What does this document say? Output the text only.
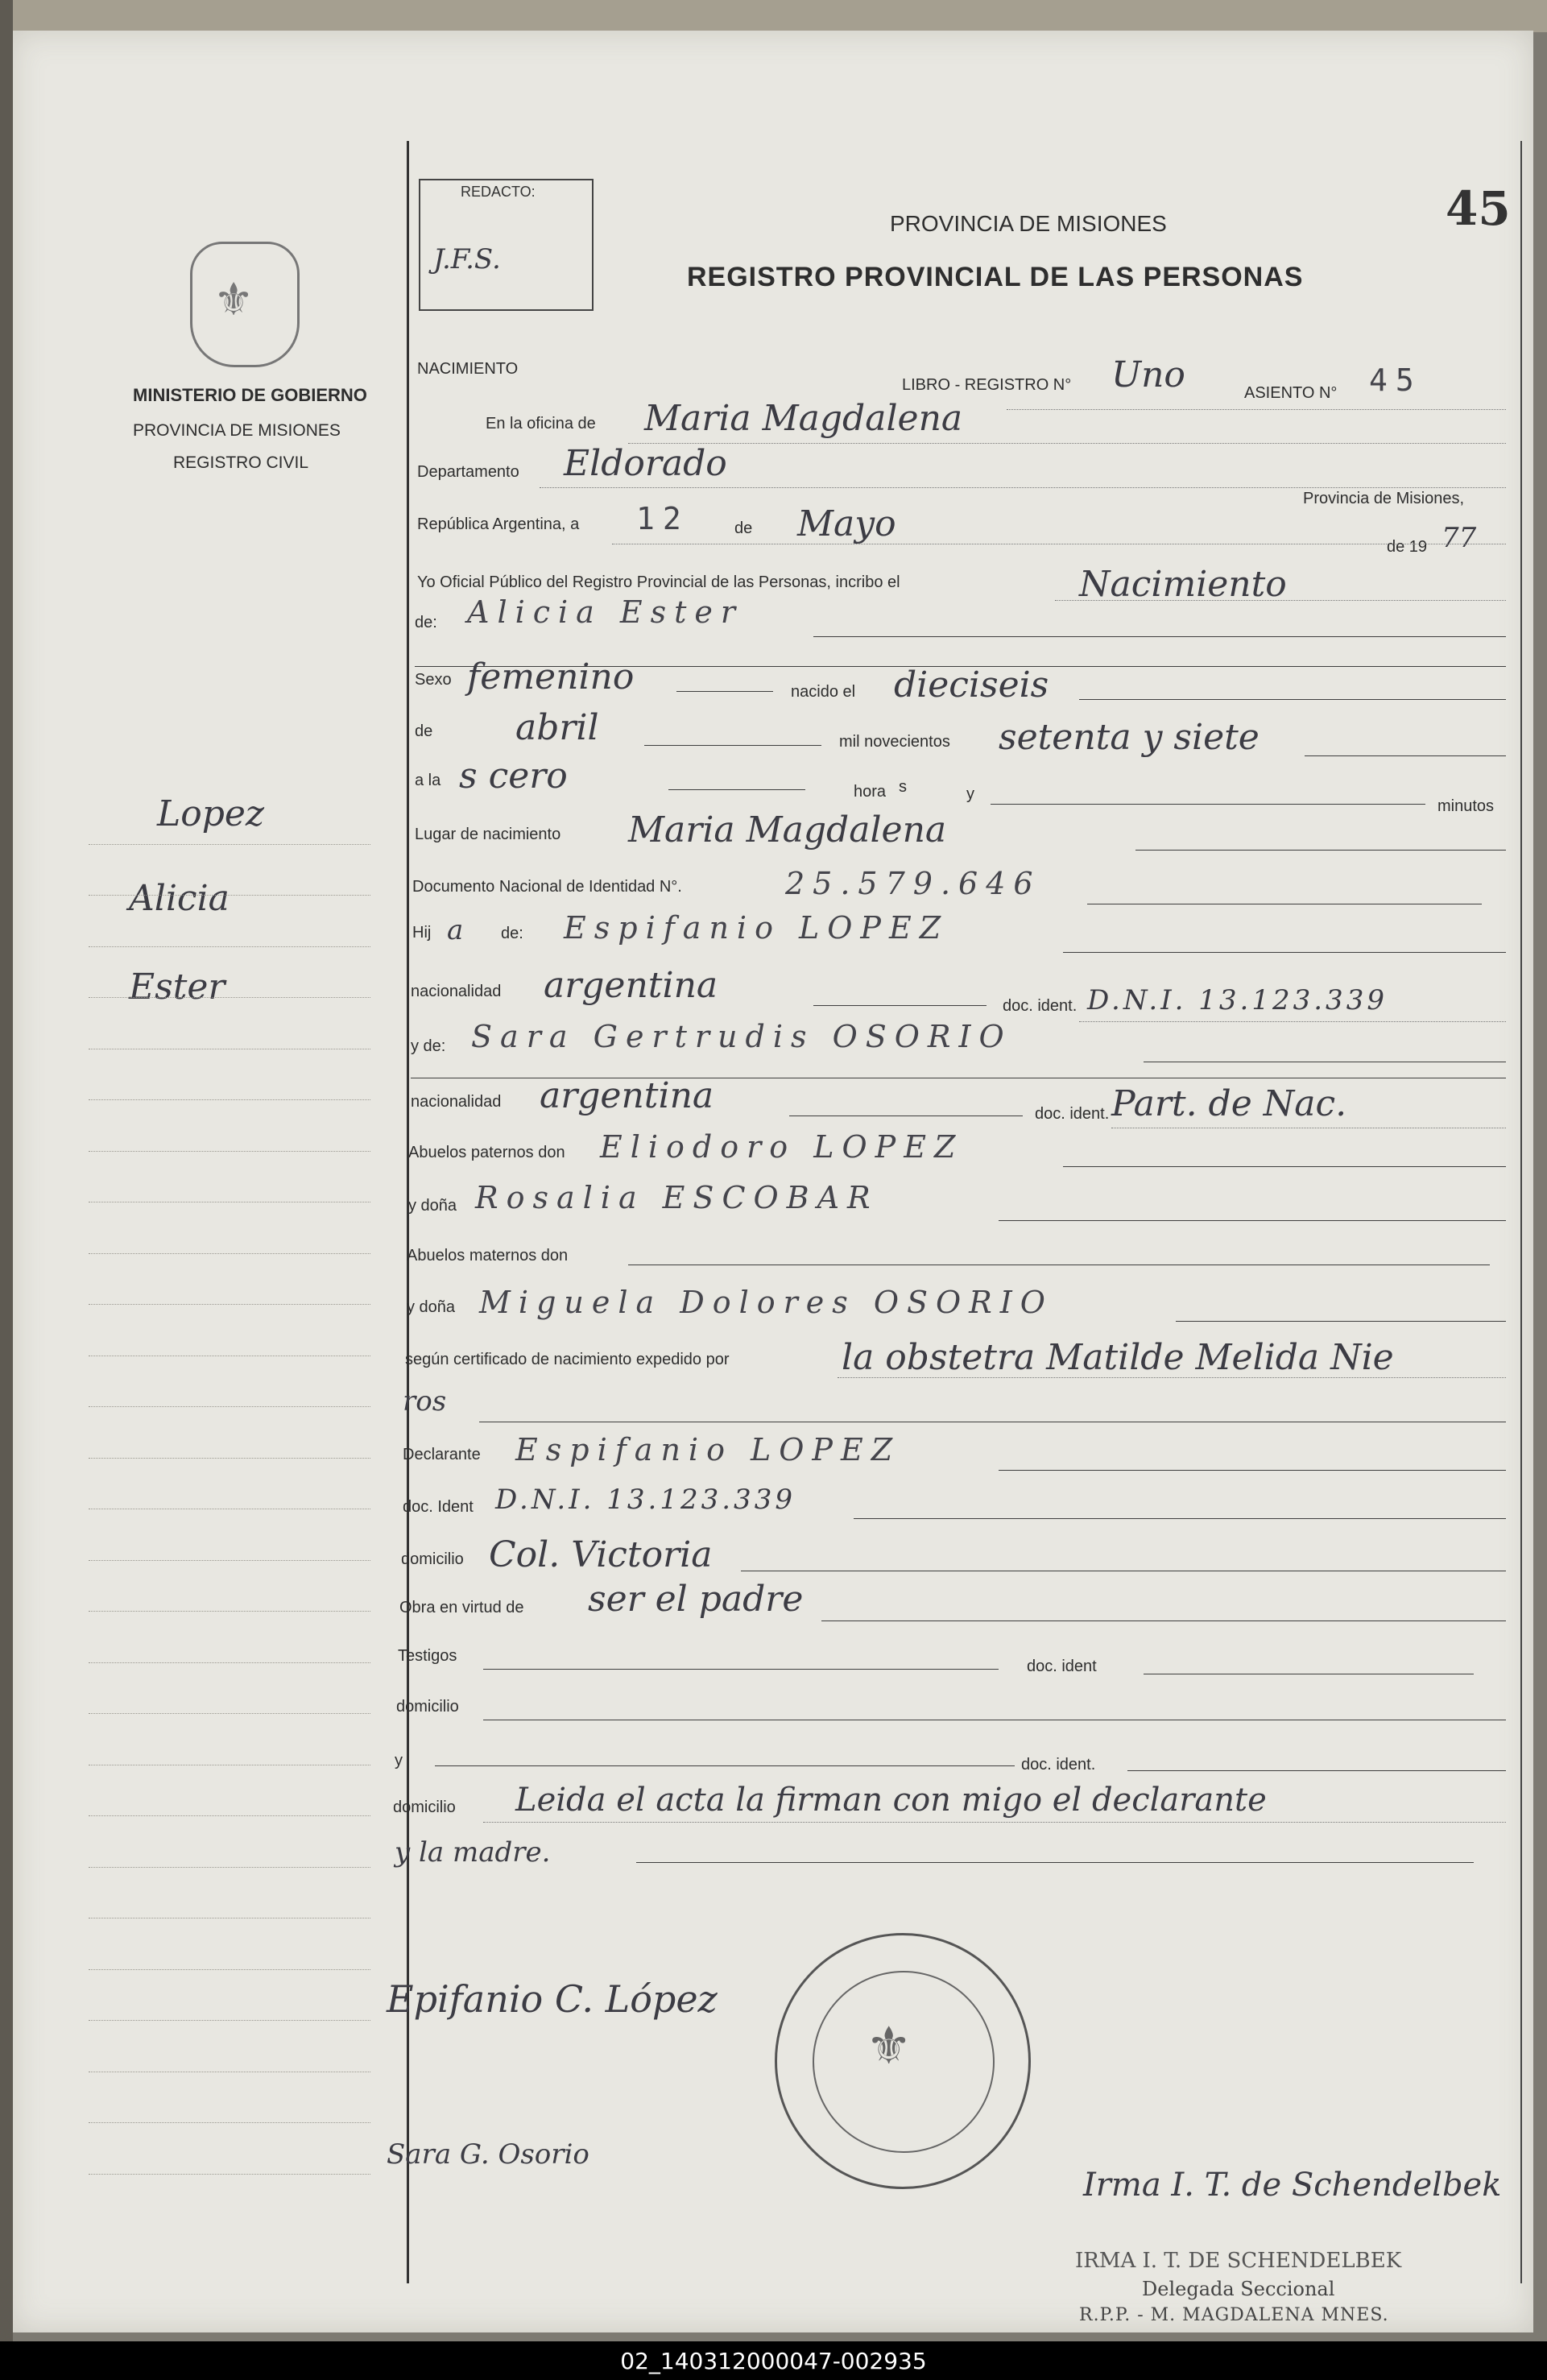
⚜
MINISTERIO DE GOBIERNO
PROVINCIA DE MISIONES
REGISTRO CIVIL
Lopez
Alicia
Ester
REDACTO:
J.F.S.
45
PROVINCIA DE MISIONES
REGISTRO PROVINCIAL DE LAS PERSONAS
NACIMIENTO
LIBRO - REGISTRO N° Uno	ASIENTO N° 45
En la oficina de Maria Magdalena
Departamento Eldorado
Provincia de Misiones,
República Argentina, a 12	de Mayo
de 19 77
Yo Oficial Público del Registro Provincial de las Personas, incribo el	Nacimiento
de: Alicia Ester
Sexo femenino	nacido el diecisеis
de abril	mil novecientos setenta y siete
a la s cero	hora s	y
minutos
Lugar de nacimiento Maria Magdalena
Documento Nacional de Identidad N°.	25.579.646
Hij a de: Espifanio LOPEZ
nacionalidad argentina	doc. ident. D.N.I. 13.123.339
y de: Sara Gertrudis OSORIO
nacionalidad argentina	doc. ident. Part. de Nac.
Abuelos paternos don Eliodoro LOPEZ
y doña Rosalia ESCOBAR
Abuelos maternos don
y doña Miguela Dolores OSORIO
según certificado de nacimiento expedido por	la obstetra Matilde Melida Nie
ros
Declarante Espifanio LOPEZ
doc. Ident D.N.I. 13.123.339
domicilio Col. Victoria
Obra en virtud de ser el padre
Testigos
doc. ident
domicilio
y	doc. ident.
domicilio Leida el acta la firman con migo el declarante
y la madre.
Epifanio C. López
Sara G. Osorio
Irma I. T. de Schendelbek
⚜
IRMA I. T. DE SCHENDELBEK
Delegada Seccional
R.P.P. - M. MAGDALENA MNES.
02_140312000047-002935
